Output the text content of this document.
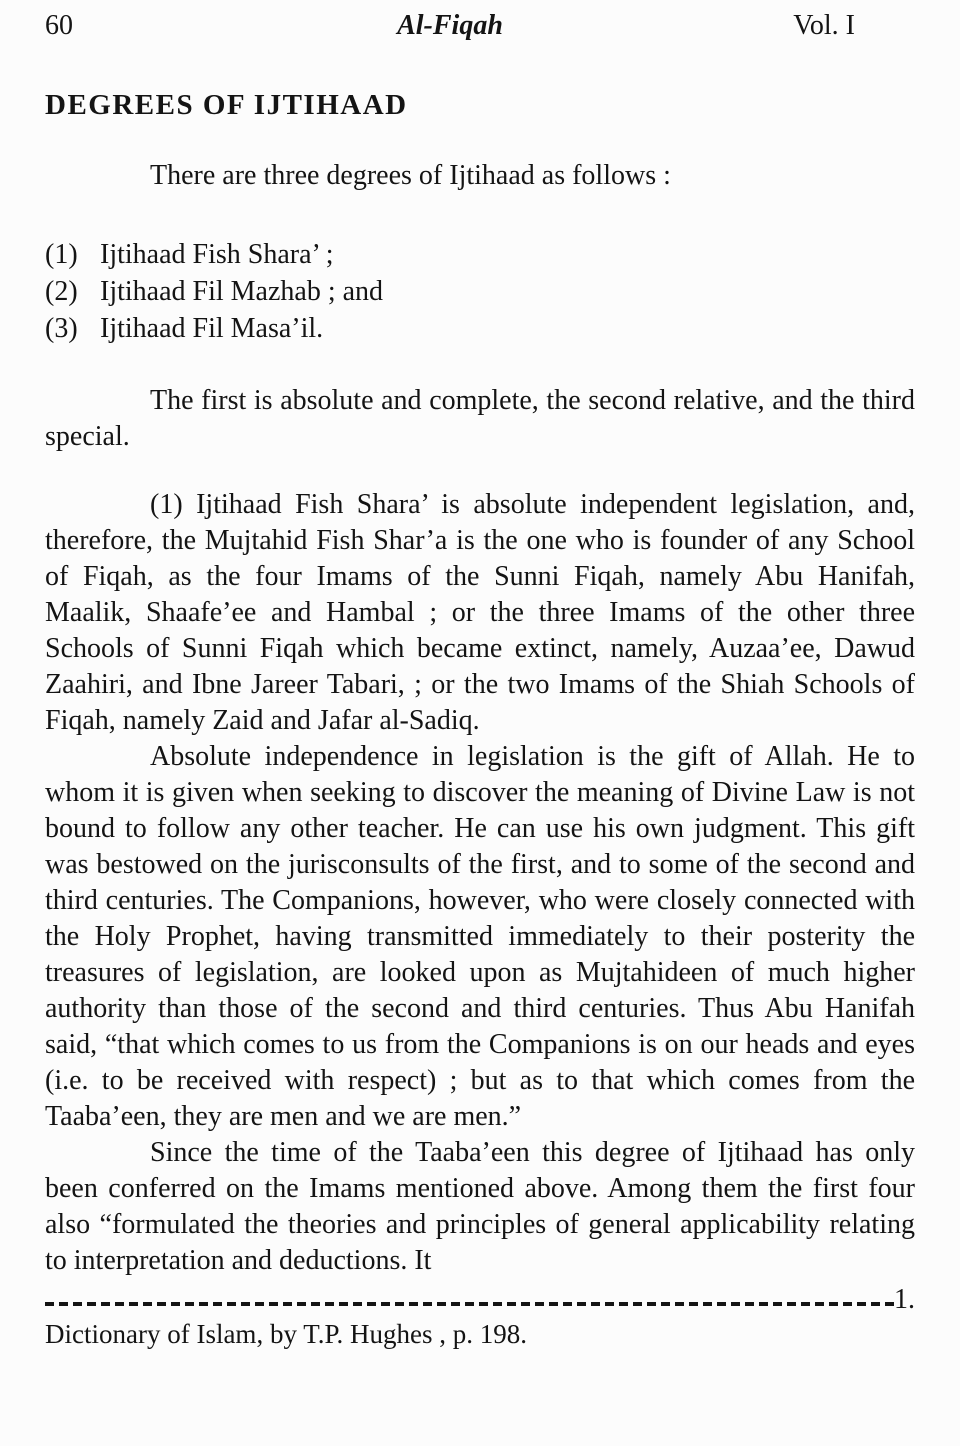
60	Al-Fiqah	Vol. I
DEGREES OF IJTIHAAD

There are three degrees of Ijtihaad as follows :

(1) Ijtihaad Fish Shara’ ;
(2) Ijtihaad Fil Mazhab ; and
(3) Ijtihaad Fil Masa’il.

The first is absolute and complete, the second relative, and the third special.

(1) Ijtihaad Fish Shara’ is absolute independent legislation, and, therefore, the Mujtahid Fish Shar’a is the one who is founder of any School of Fiqah, as the four Imams of the Sunni Fiqah, namely Abu Hanifah, Maalik, Shaafe’ee and Hambal ; or the three Imams of the other three Schools of Sunni Fiqah which became extinct, namely, Auzaa’ee, Dawud Zaahiri, and Ibne Jareer Tabari, ; or the two Imams of the Shiah Schools of Fiqah, namely Zaid and Jafar al-Sadiq.

Absolute independence in legislation is the gift of Allah. He to whom it is given when seeking to discover the meaning of Divine Law is not bound to follow any other teacher. He can use his own judgment. This gift was bestowed on the jurisconsults of the first, and to some of the second and third centuries. The Companions, however, who were closely connected with the Holy Prophet, having transmitted immediately to their posterity the treasures of legislation, are looked upon as Mujtahideen of much higher authority than those of the second and third centuries. Thus Abu Hanifah said, “that which comes to us from the Companions is on our heads and eyes (i.e. to be received with respect) ; but as to that which comes from the Taaba’een, they are men and we are men.”

Since the time of the Taaba’een this degree of Ijtihaad has only been conferred on the Imams mentioned above. Among them the first four also “formulated the theories and principles of general applicability relating to interpretation and deductions. It

1.

Dictionary of Islam, by T.P. Hughes , p. 198.
